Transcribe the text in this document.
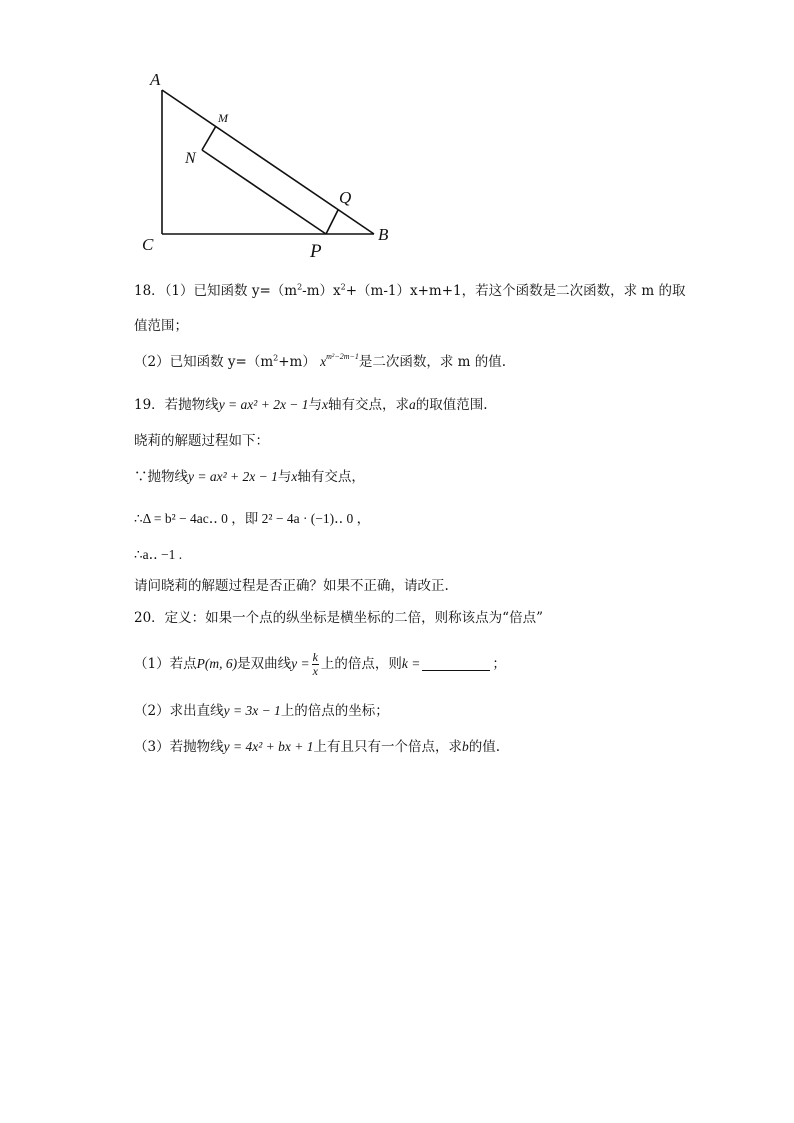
A
M
N
Q
C	P
B
18．（1）已知函数 $y=(m^2-m)x^2+(m-1)x+m+1$，若这个函数是二次函数，求 m 的取
值范围；
（2）已知函数 $y=(m^2+m)$ $x^{m^2-2m-1}$是二次函数，求 m 的值.
19．若抛物线y = ax² + 2x − 1与x轴有交点，求a的取值范围.
晓莉的解题过程如下：
∵抛物线y = ax² + 2x − 1与x轴有交点，
∴Δ = b² − 4ac‥ 0 ，即 2² − 4a · (−1)‥ 0 ，
∴a‥ −1 .
请问晓莉的解题过程是否正确？如果不正确，请改正.
20．定义：如果一个点的纵坐标是横坐标的二倍，则称该点为“倍点”
（1）若点P(m, 6)是双曲线$y = \frac{k}{x}$ 上的倍点，则k =	；
（2）求出直线y = 3x − 1上的倍点的坐标；
（3）若抛物线y = 4x² + bx + 1上有且只有一个倍点，求b的值.
